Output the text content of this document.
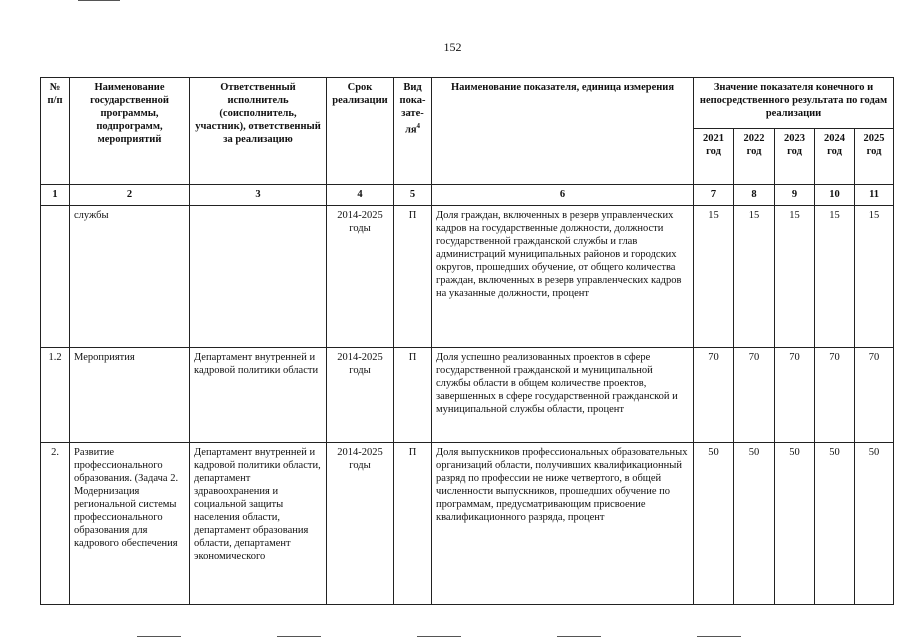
152
№ п/п	Наименование государственной программы, подпрограмм, мероприятий	Ответственный исполнитель (соисполнитель, участник), ответственный за реализацию	Срок реализации	Вид пока-$зате-ля^4$	Наименование показателя, единица измерения	Значение показателя конечного и непосредственного результата по годам реализации				
						2021 год	2022 год	2023 год	2024 год	2025 год
1	2	3	4	5	6	7	8	9	10	11
	службы		2014-2025 годы	П	Доля граждан, включенных в резерв управленческих кадров на государственные должности, должности государственной гражданской службы и глав администраций муниципальных районов и городских округов, прошедших обучение, от общего количества граждан, включенных в резерв управленческих кадров на указанные должности, процент	15	15	15	15	15
1.2	Мероприятия	Департамент внутренней и кадровой политики области	2014-2025 годы	П	Доля успешно реализованных проектов в сфере государственной гражданской и муниципальной службы области в общем количестве проектов, завершенных в сфере государственной гражданской и муниципальной службы области, процент	70	70	70	70	70
2.	Развитие профессионального образования. (Задача 2. Модернизация региональной системы профессионального образования для кадрового обеспечения	Департамент внутренней и кадровой политики области, департамент здравоохранения и социальной защиты населения области, департамент образования области, департамент экономического	2014-2025 годы	П	Доля выпускников профессиональных образовательных организаций области, получивших квалификационный разряд по профессии не ниже четвертого, в общей численности выпускников, прошедших обучение по программам, предусматривающим присвоение квалификационного разряда, процент	50	50	50	50	50
